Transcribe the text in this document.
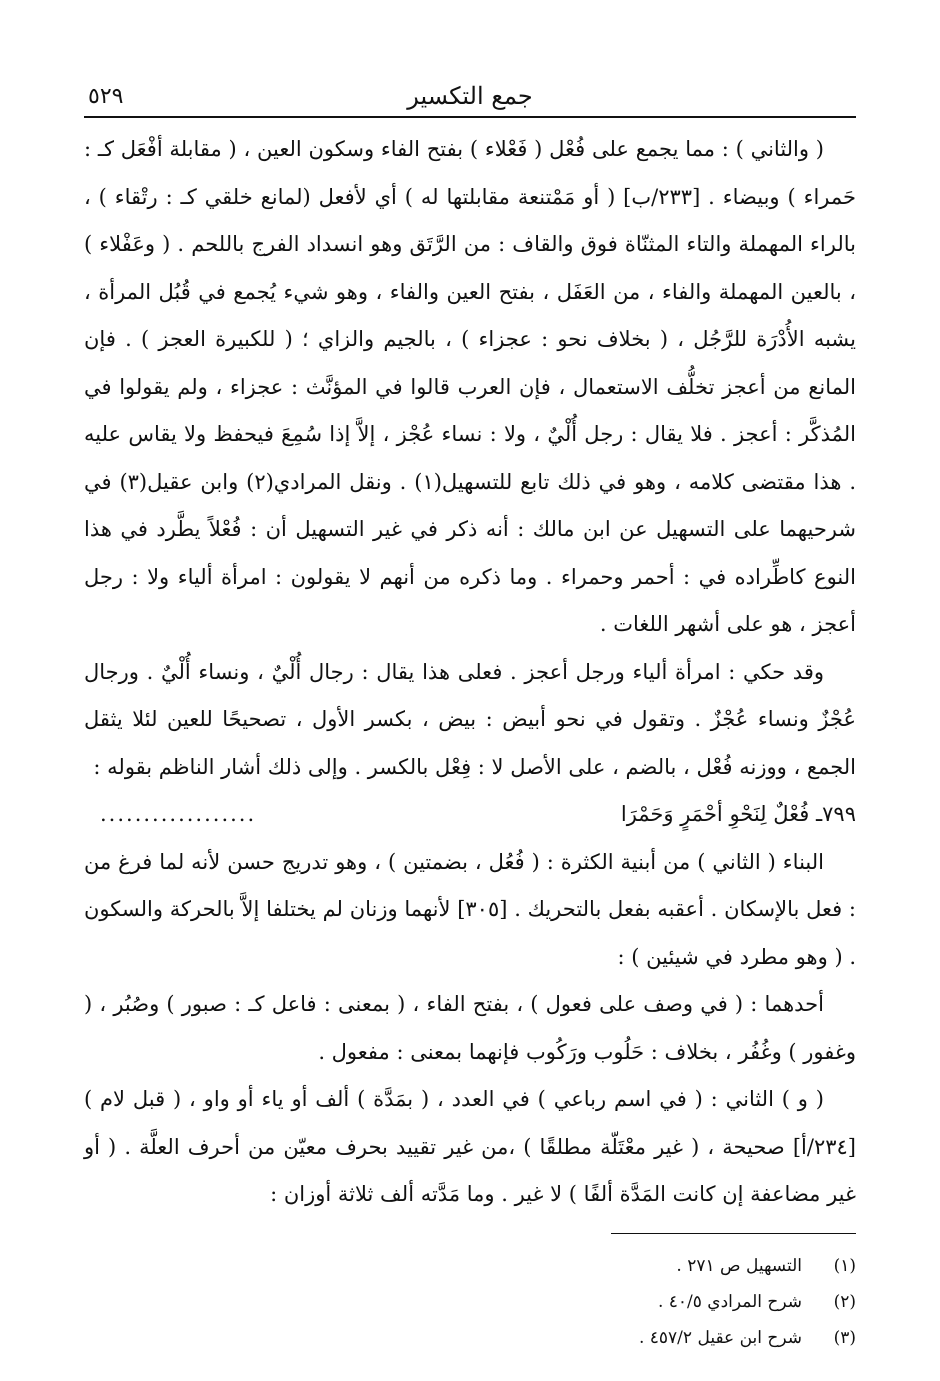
جمع التكسير
٥٢٩

( والثاني ) : مما يجمع على فُعْل ( فَعْلاء ) بفتح الفاء وسكون العين ، ( مقابلة أفْعَل كـ : حَمراء ) وبيضاء . [٢٣٣/ب] ( أو مَمْتنعة مقابلتها له ) أي لأفعل (لمانع خلقي كـ : رتْقاء ) ، بالراء المهملة والتاء المثنّاة فوق والقاف : من الرَّتَق وهو انسداد الفرج باللحم . ( وعَفْلاء ) ، بالعين المهملة والفاء ، من العَفَل ، بفتح العين والفاء ، وهو شيء يُجمع في قُبُل المرأة ، يشبه الأُدْرَة للرَّجُل ، ( بخلاف نحو : عجزاء ) ، بالجيم والزاي ؛ ( للكبيرة العجز ) . فإن المانع من أعجز تخلُّف الاستعمال ، فإن العرب قالوا في المؤنَّث : عجزاء ، ولم يقولوا في المُذكَّر : أعجز . فلا يقال : رجل أُلْيٌ ، ولا : نساء عُجْز ، إلاَّ إذا سُمِعَ فيحفظ ولا يقاس عليه . هذا مقتضى كلامه ، وهو في ذلك تابع للتسهيل(١) . ونقل المرادي(٢) وابن عقيل(٣) في شرحيهما على التسهيل عن ابن مالك : أنه ذكر في غير التسهيل أن : فُعْلاً يطَّرد في هذا النوع كاطِّراده في : أحمر وحمراء . وما ذكره من أنهم لا يقولون : امرأة ألياء ولا : رجل أعجز ، هو على أشهر اللغات .

وقد حكي : امرأة ألياء ورجل أعجز . فعلى هذا يقال : رجال أُلْيٌ ، ونساء أُلْيٌ . ورجال عُجْزٌ ونساء عُجْزٌ . وتقول في نحو أبيض : بيض ، بكسر الأول ، تصحيحًا للعين لئلا يثقل الجمع ، ووزنه فُعْل ، بالضم ، على الأصل لا : فِعْل بالكسر . وإلى ذلك أشار الناظم بقوله :

٧٩٩ـ فُعْلٌ لِنَحْوِ أحْمَرٍ وَحَمْرَا
..................

البناء ( الثاني ) من أبنية الكثرة : ( فُعُل ، بضمتين ) ، وهو تدريج حسن لأنه لما فرغ من : فعل بالإسكان . أعقبه بفعل بالتحريك . [٣٠٥] لأنهما وزنان لم يختلفا إلاَّ بالحركة والسكون . ( وهو مطرد في شيئين ) :

أحدهما : ( في وصف على فعول ) ، بفتح الفاء ، ( بمعنى : فاعل كـ : صبور ) وصُبُر ، ( وغفور ) وغُفُر ، بخلاف : حَلُوب ورَكُوب فإنهما بمعنى : مفعول .

( و ) الثاني : ( في اسم رباعي ) في العدد ، ( بمَدَّة ) ألف أو ياء أو واو ، ( قبل لام ) [٢٣٤/أ] صحيحة ، ( غير معْتَلّة مطلقًا ) ،من غير تقييد بحرف معيّن من أحرف العلَّة . ( أو غير مضاعفة إن كانت المَدَّة ألفًا ) لا غير . وما مَدَّته ألف ثلاثة أوزان :

(١)
التسهيل ص ٢٧١ .
(٢)
شرح المرادي ٤٠/٥ .
(٣)
شرح ابن عقيل ٤٥٧/٢ .
